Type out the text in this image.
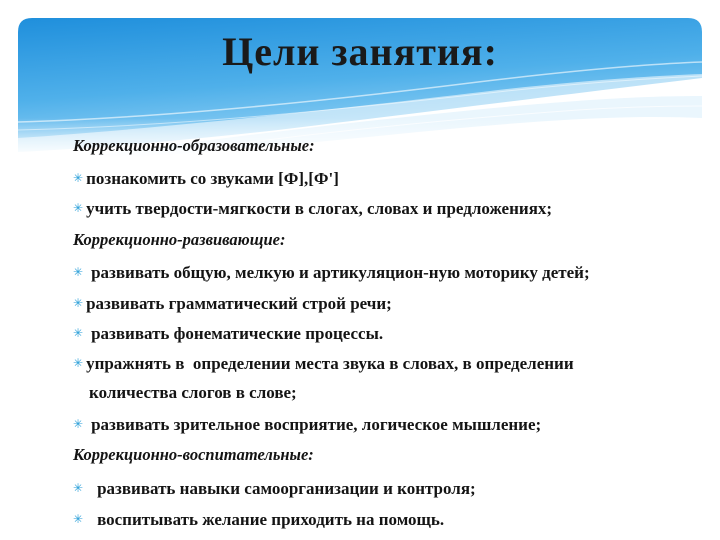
Цели занятия:
Коррекционно-образовательные:
✳ познакомить со звуками [Ф],[Ф']
✳ учить твердости-мягкости в слогах, словах и предложениях;
Коррекционно-развивающие:
✳ развивать общую, мелкую и артикуляцион-ную моторику детей;
✳ развивать грамматический строй речи;
✳ развивать фонематические процессы.
✳ упражнять в  определении места звука в словах, в определении
количества слогов в слове;
✳ развивать зрительное восприятие, логическое мышление;
Коррекционно-воспитательные:
✳ развивать навыки самоорганизации и контроля;
✳ воспитывать желание приходить на помощь.
